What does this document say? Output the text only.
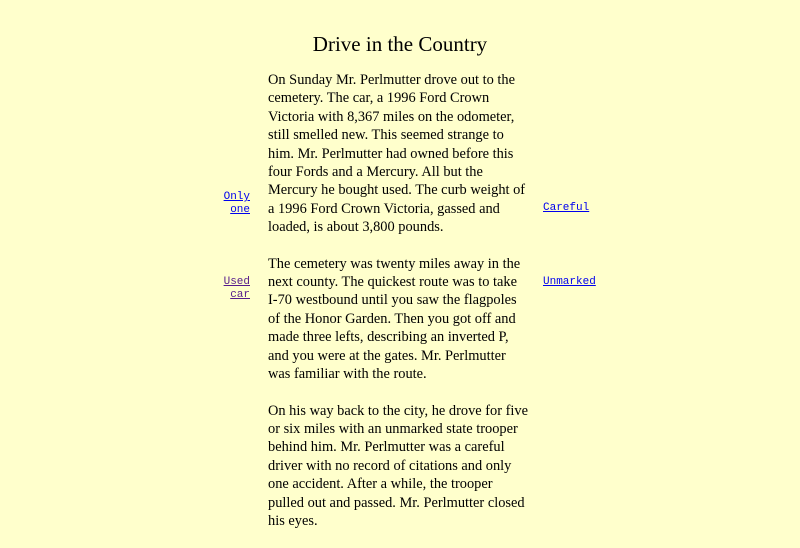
Drive in the Country

On Sunday Mr. Perlmutter drove out to the cemetery. The car, a 1996 Ford Crown Victoria with 8,367 miles on the odometer, still smelled new. This seemed strange to him. Mr. Perlmutter had owned before this four Fords and a Mercury. All but the Mercury he bought used. The curb weight of a 1996 Ford Crown Victoria, gassed and loaded, is about 3,800 pounds.

The cemetery was twenty miles away in the next county. The quickest route was to take I-70 westbound until you saw the flagpoles of the Honor Garden. Then you got off and made three lefts, describing an inverted P, and you were at the gates. Mr. Perlmutter was familiar with the route.

On his way back to the city, he drove for five or six miles with an unmarked state trooper behind him. Mr. Perlmutter was a careful driver with no record of citations and only one accident. After a while, the trooper pulled out and passed. Mr. Perlmutter closed his eyes.

Only
one
Used
car
Careful
Unmarked
